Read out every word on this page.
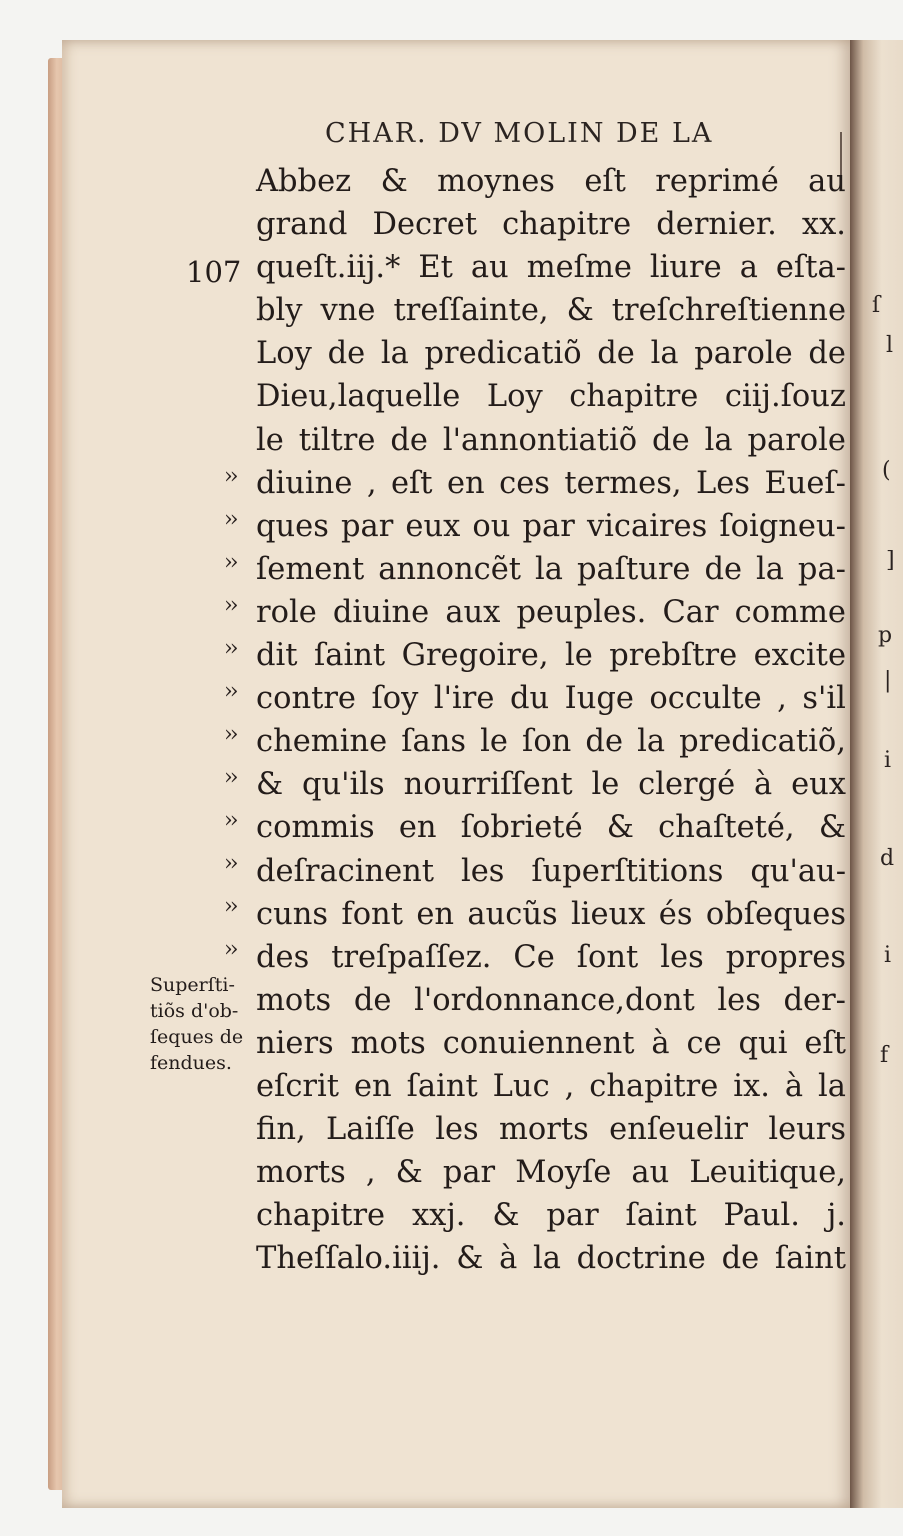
ſ
l
(
]
p
|
i
d
i
f
CHAR. DV MOLIN DE LA
107
Abbez & moynes eſt reprimé au
grand Decret chapitre dernier. xx.
queſt.iij.* Et au meſme liure a eſta-
bly vne treſſainte, & treſchreſtienne
Loy de la predicatiõ de la parole de
Dieu,laquelle Loy chapitre ciij.ſouz
le tiltre de l'annontiatiõ de la parole
diuine , eſt en ces termes, Les Eueſ-
ques par eux ou par vicaires ſoigneu-
ſement annoncẽt la paſture de la pa-
role diuine aux peuples. Car comme
dit ſaint Gregoire, le prebſtre excite
contre ſoy l'ire du Iuge occulte , s'il
chemine ſans le ſon de la predicatiõ,
& qu'ils nourriſſent le clergé à eux
commis en ſobrieté & chaſteté, &
deſracinent les ſuperſtitions qu'au-
cuns font en aucũs lieux és obſeques
des treſpaſſez. Ce ſont les propres
mots de l'ordonnance,dont les der-
niers mots conuiennent à ce qui eſt
eſcrit en ſaint Luc , chapitre ix. à la
fin, Laiſſe les morts enſeuelir leurs
morts , & par Moyſe au Leuitique,
chapitre xxj. & par ſaint Paul. j.
Theſſalo.iiij. & à la doctrine de ſaint
››
››
››
››
››
››
››
››
››
››
››
››
Superſti-
tiõs d'ob-
ſeques de
fendues.
